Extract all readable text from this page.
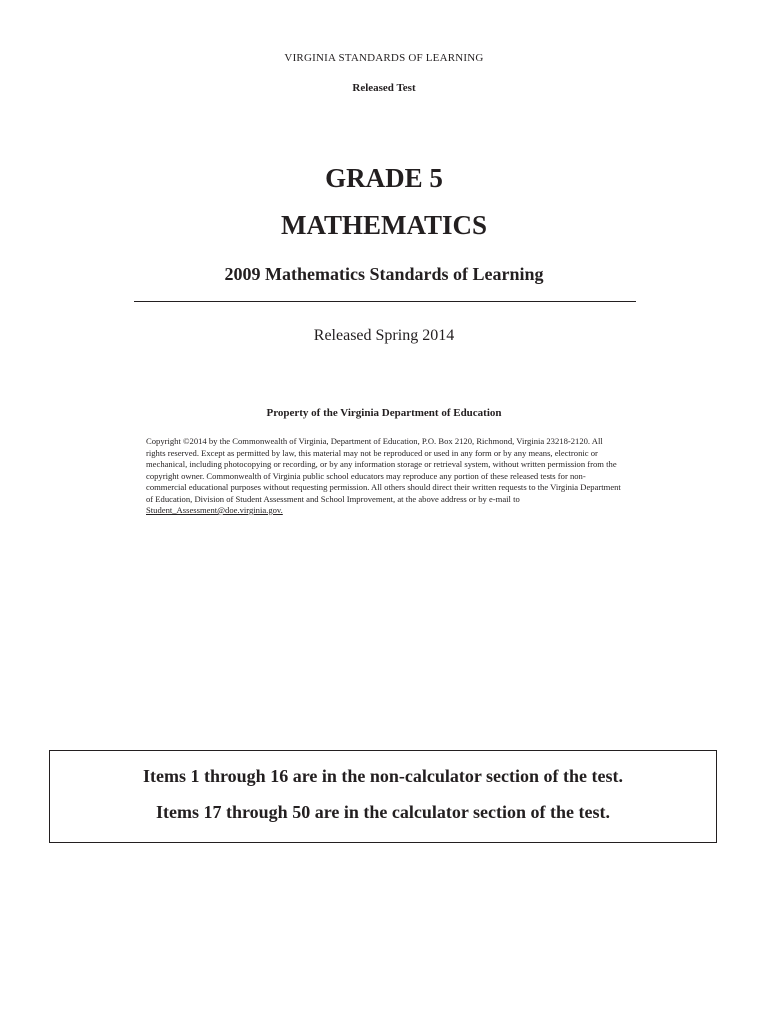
VIRGINIA STANDARDS OF LEARNING
Released Test
GRADE 5
MATHEMATICS
2009 Mathematics Standards of Learning
Released Spring 2014
Property of the Virginia Department of Education
Copyright ©2014 by the Commonwealth of Virginia, Department of Education, P.O. Box 2120, Richmond, Virginia 23218-2120. All rights reserved. Except as permitted by law, this material may not be reproduced or used in any form or by any means, electronic or mechanical, including photocopying or recording, or by any information storage or retrieval system, without written permission from the copyright owner. Commonwealth of Virginia public school educators may reproduce any portion of these released tests for non-commercial educational purposes without requesting permission. All others should direct their written requests to the Virginia Department of Education, Division of Student Assessment and School Improvement, at the above address or by e-mail to Student_Assessment@doe.virginia.gov.
Items 1 through 16 are in the non-calculator section of the test.
Items 17 through 50 are in the calculator section of the test.
